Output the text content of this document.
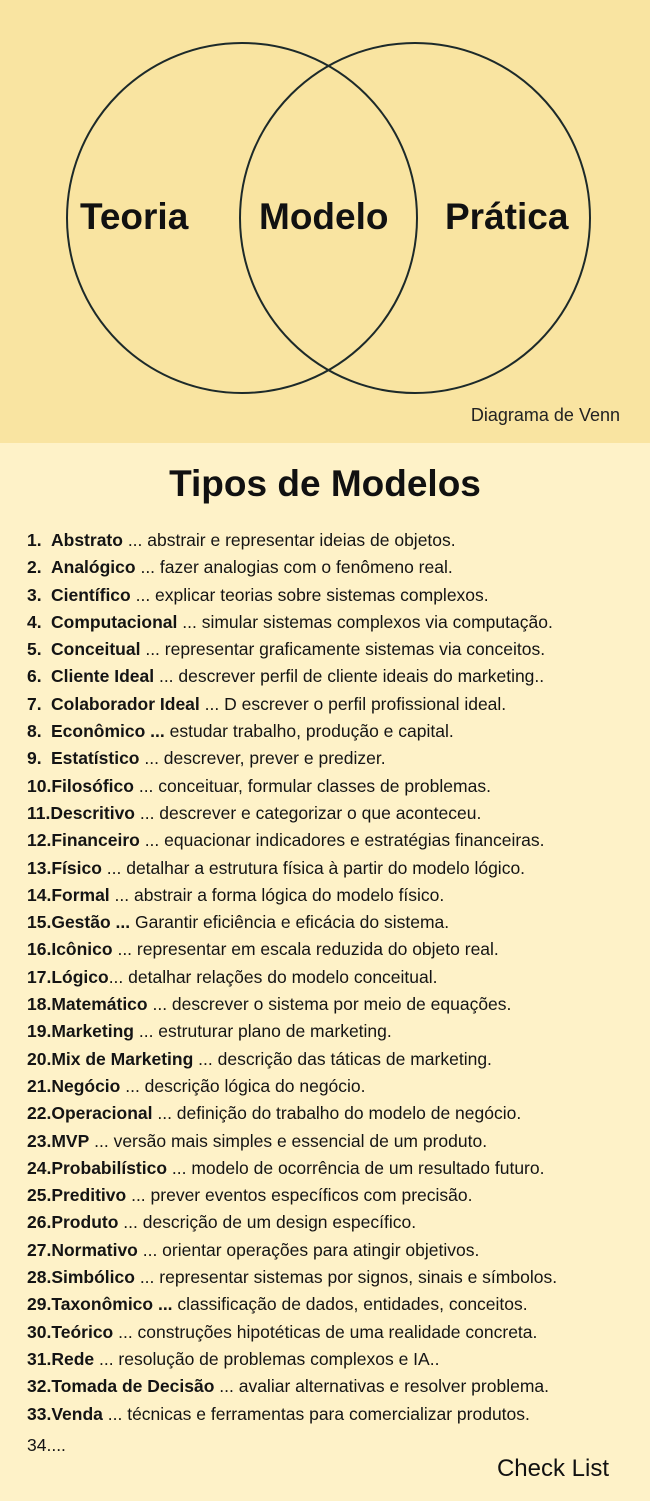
Teoria Modelo Prática
Diagrama de Venn
Tipos de Modelos
1. Abstrato ... abstrair e representar ideias de objetos.
2. Analógico ... fazer analogias com o fenômeno real.
3. Científico ... explicar teorias sobre sistemas complexos.
4. Computacional ... simular sistemas complexos via computação.
5. Conceitual ... representar graficamente sistemas via conceitos.
6. Cliente Ideal ... descrever perfil de cliente ideais do marketing..
7. Colaborador Ideal ... D escrever o perfil profissional ideal.
8. Econômico ... estudar trabalho, produção e capital.
9. Estatístico ... descrever, prever e predizer.
10.Filosófico ... conceituar, formular classes de problemas.
11.Descritivo ... descrever e categorizar o que aconteceu.
12.Financeiro ... equacionar indicadores e estratégias financeiras.
13.Físico ... detalhar a estrutura física à partir do modelo lógico.
14.Formal ... abstrair a forma lógica do modelo físico.
15.Gestão ... Garantir eficiência e eficácia do sistema.
16.Icônico ... representar em escala reduzida do objeto real.
17.Lógico... detalhar relações do modelo conceitual.
18.Matemático ... descrever o sistema por meio de equações.
19.Marketing ... estruturar plano de marketing.
20.Mix de Marketing ... descrição das táticas de marketing.
21.Negócio ... descrição lógica do negócio.
22.Operacional ... definição do trabalho do modelo de negócio.
23.MVP ... versão mais simples e essencial de um produto.
24.Probabilístico ... modelo de ocorrência de um resultado futuro.
25.Preditivo ... prever eventos específicos com precisão.
26.Produto ... descrição de um design específico.
27.Normativo ... orientar operações para atingir objetivos.
28.Simbólico ... representar sistemas por signos, sinais e símbolos.
29.Taxonômico ... classificação de dados, entidades, conceitos.
30.Teórico ... construções hipotéticas de uma realidade concreta.
31.Rede ... resolução de problemas complexos e IA..
32.Tomada de Decisão ... avaliar alternativas e resolver problema.
33.Venda ... técnicas e ferramentas para comercializar produtos.
34....
Check List
